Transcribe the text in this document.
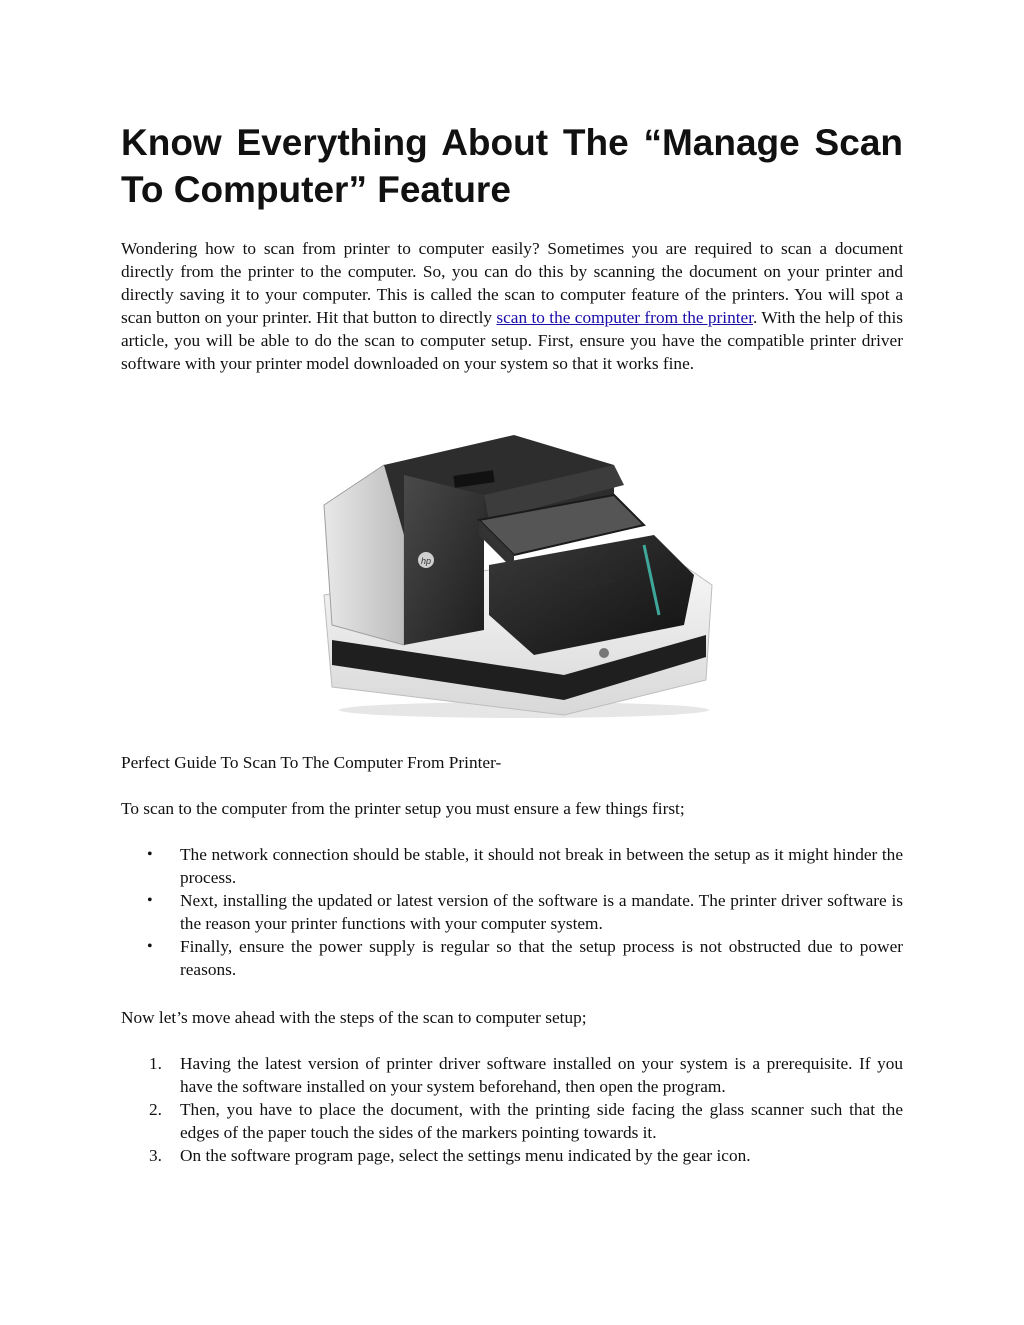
Know Everything About The “Manage Scan To Computer” Feature

Wondering how to scan from printer to computer easily? Sometimes you are required to scan a document directly from the printer to the computer. So, you can do this by scanning the document on your printer and directly saving it to your computer. This is called the scan to computer feature of the printers. You will spot a scan button on your printer. Hit that button to directly scan to the computer from the printer. With the help of this article, you will be able to do the scan to computer setup. First, ensure you have the compatible printer driver software with your printer model downloaded on your system so that it works fine.

hp

Perfect Guide To Scan To The Computer From Printer-

To scan to the computer from the printer setup you must ensure a few things first;

• The network connection should be stable, it should not break in between the setup as it might hinder the process.
• Next, installing the updated or latest version of the software is a mandate. The printer driver software is the reason your printer functions with your computer system.
• Finally, ensure the power supply is regular so that the setup process is not obstructed due to power reasons.

Now let’s move ahead with the steps of the scan to computer setup;

1. Having the latest version of printer driver software installed on your system is a prerequisite. If you have the software installed on your system beforehand, then open the program.
2. Then, you have to place the document, with the printing side facing the glass scanner such that the edges of the paper touch the sides of the markers pointing towards it.
3. On the software program page, select the settings menu indicated by the gear icon.
